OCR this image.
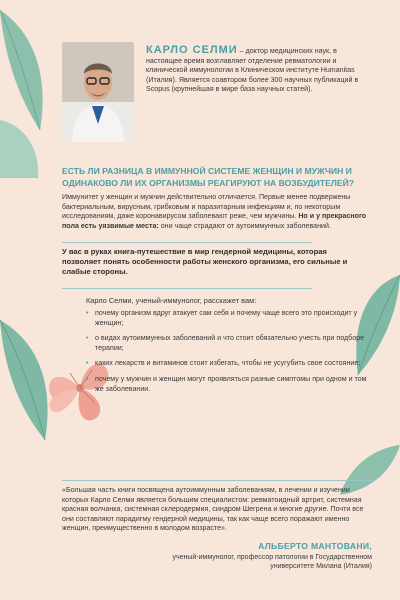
КАРЛО СЕЛМИ – доктор медицинских наук, в настоящее время возглавляет отделение ревматологии и клинической иммунологии в Клиническом институте Humanitas (Италия). Является соавтором более 300 научных публикаций в Scopus (крупнейшая в мире база научных статей).
ЕСТЬ ЛИ РАЗНИЦА В ИММУННОЙ СИСТЕМЕ ЖЕНЩИН И МУЖЧИН И ОДИНАКОВО ЛИ ИХ ОРГАНИЗМЫ РЕАГИРУЮТ НА ВОЗБУДИТЕЛЕЙ?
Иммунитет у женщин и мужчин действительно отличается. Первые менее подвержены бактериальным, вирусным, грибковым и паразитарным инфекциям и, по некоторым исследованиям, даже коронавирусом заболевают реже, чем мужчины. Но и у прекрасного пола есть уязвимые места: они чаще страдают от аутоиммунных заболеваний.
У вас в руках книга-путешествие в мир гендерной медицины, которая позволяет понять особенности работы женского организма, его сильные и слабые стороны.
Карло Селми, ученый-иммунолог, расскажет вам:
• почему организм вдруг атакует сам себя и почему чаще всего это происходит у женщин;
• о видах аутоиммунных заболеваний и что стоит обязательно учесть при подборе терапии;
• каких лекарств и витаминов стоит избегать, чтобы не усугубить свое состояние;
• почему у мужчин и женщин могут проявляться разные симптомы при одном и том же заболевании.
«Большая часть книги посвящена аутоиммунным заболеваниям, в лечении и изучении которых Карло Селми является большим специалистом: ревматоидный артрит, системная красная волчанка, системная склеродермия, синдром Шегрена и многие другие. Почти все они составляют парадигму гендерной медицины, так как чаще всего поражают именно женщин, преимущественно в молодом возрасте».
АЛЬБЕРТО МАНТОВАНИ,
ученый-иммунолог, профессор патологии в Государственном университете Милана (Италия)
